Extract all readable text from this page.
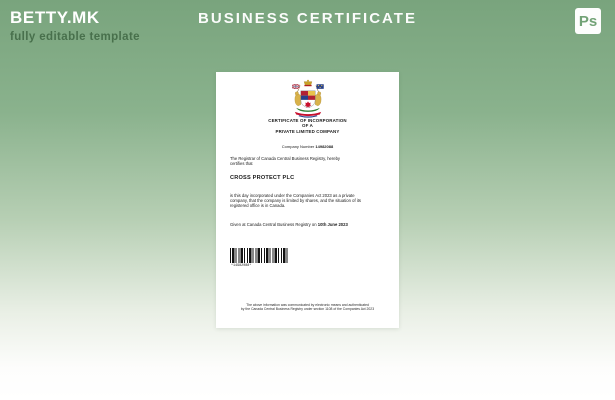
BETTY.MK
fully editable template
BUSINESS CERTIFICATE	Ps
CERTIFICATE OF INCORPORATION
OF A
PRIVATE LIMITED COMPANY
Company Number 14982088
The Registrar of Canada Central Business Registry, hereby certifies that
CROSS PROTECT PLC
is this day incorporated under the Companies Act 2023 as a private company, that the company is limited by shares, and the situation of its registered office is in Canada.
Given at Canada Central Business Registry on 10th June 2023
*14982088*
The above information was communicated by electronic means and authenticated
by the Canada Central Business Registry under section 1108 of the Companies Act 2023
